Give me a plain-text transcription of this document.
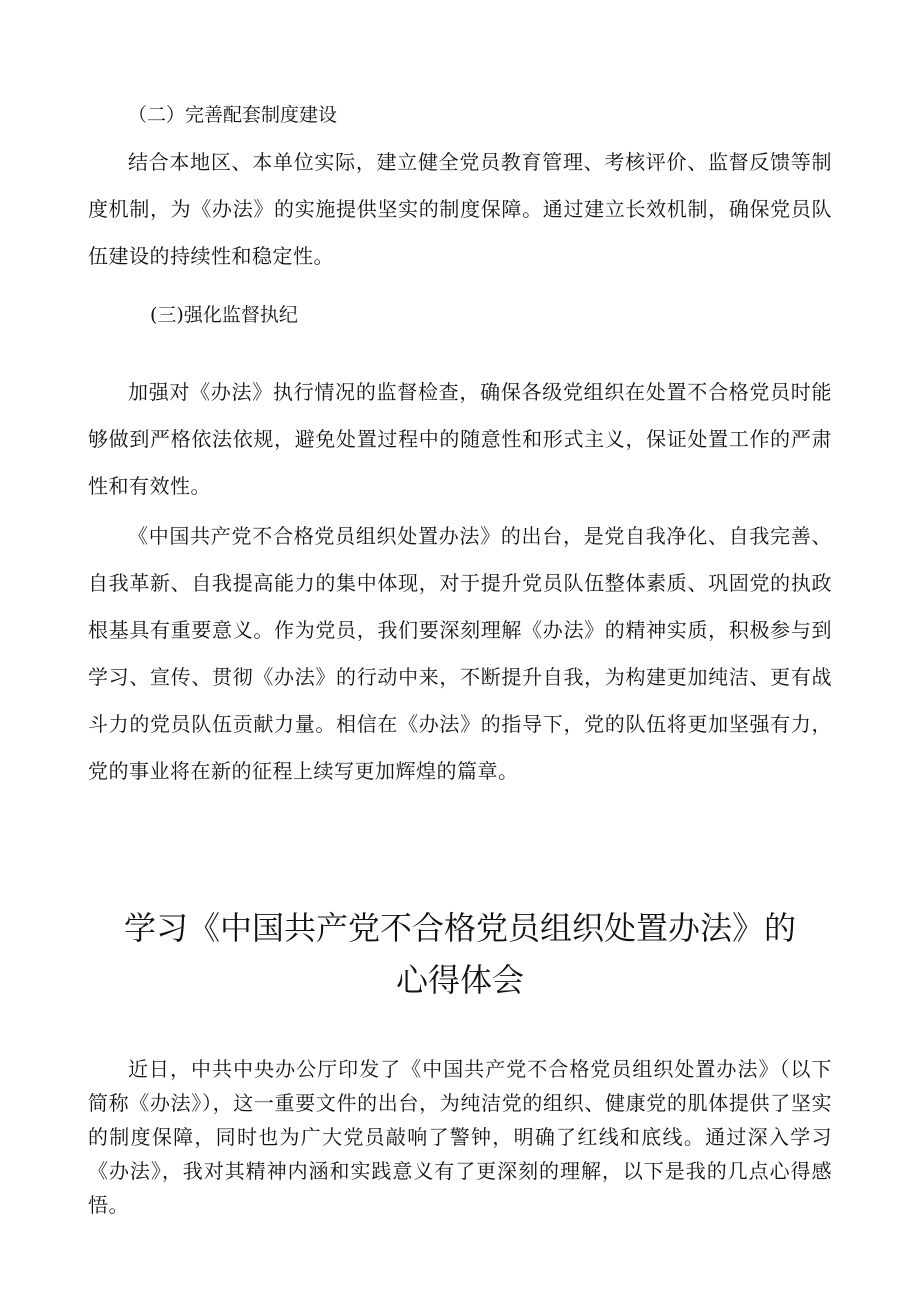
（二）完善配套制度建设

结合本地区、本单位实际，建立健全党员教育管理、考核评价、监督反馈等制度机制，为《办法》的实施提供坚实的制度保障。通过建立长效机制，确保党员队伍建设的持续性和稳定性。

(三)强化监督执纪

加强对《办法》执行情况的监督检查，确保各级党组织在处置不合格党员时能够做到严格依法依规，避免处置过程中的随意性和形式主义，保证处置工作的严肃性和有效性。

《中国共产党不合格党员组织处置办法》的出台，是党自我净化、自我完善、自我革新、自我提高能力的集中体现，对于提升党员队伍整体素质、巩固党的执政根基具有重要意义。作为党员，我们要深刻理解《办法》的精神实质，积极参与到学习、宣传、贯彻《办法》的行动中来，不断提升自我，为构建更加纯洁、更有战斗力的党员队伍贡献力量。相信在《办法》的指导下，党的队伍将更加坚强有力，党的事业将在新的征程上续写更加辉煌的篇章。

学习《中国共产党不合格党员组织处置办法》的
心得体会

近日，中共中央办公厅印发了《中国共产党不合格党员组织处置办法》（以下简称《办法》），这一重要文件的出台，为纯洁党的组织、健康党的肌体提供了坚实的制度保障，同时也为广大党员敲响了警钟，明确了红线和底线。通过深入学习《办法》，我对其精神内涵和实践意义有了更深刻的理解，以下是我的几点心得感悟。
